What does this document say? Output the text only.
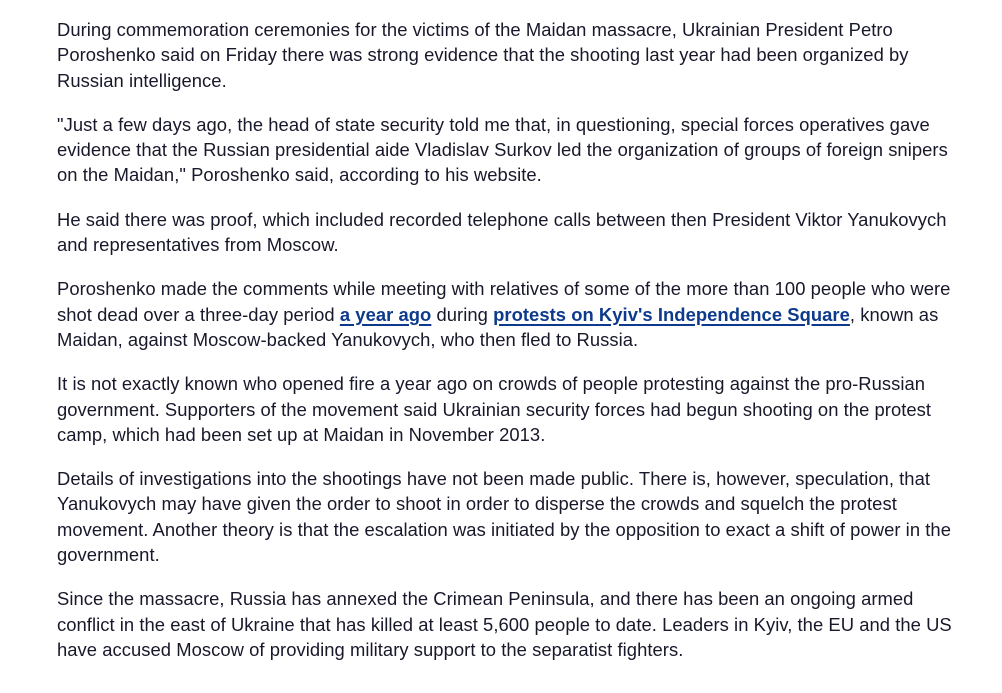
During commemoration ceremonies for the victims of the Maidan massacre, Ukrainian President Petro Poroshenko said on Friday there was strong evidence that the shooting last year had been organized by Russian intelligence.

"Just a few days ago, the head of state security told me that, in questioning, special forces operatives gave evidence that the Russian presidential aide Vladislav Surkov led the organization of groups of foreign snipers on the Maidan," Poroshenko said, according to his website.

He said there was proof, which included recorded telephone calls between then President Viktor Yanukovych and representatives from Moscow.

Poroshenko made the comments while meeting with relatives of some of the more than 100 people who were shot dead over a three-day period a year ago during protests on Kyiv's Independence Square, known as Maidan, against Moscow-backed Yanukovych, who then fled to Russia.

It is not exactly known who opened fire a year ago on crowds of people protesting against the pro-Russian government. Supporters of the movement said Ukrainian security forces had begun shooting on the protest camp, which had been set up at Maidan in November 2013.

Details of investigations into the shootings have not been made public. There is, however, speculation, that Yanukovych may have given the order to shoot in order to disperse the crowds and squelch the protest movement. Another theory is that the escalation was initiated by the opposition to exact a shift of power in the government.

Since the massacre, Russia has annexed the Crimean Peninsula, and there has been an ongoing armed conflict in the east of Ukraine that has killed at least 5,600 people to date. Leaders in Kyiv, the EU and the US have accused Moscow of providing military support to the separatist fighters.
